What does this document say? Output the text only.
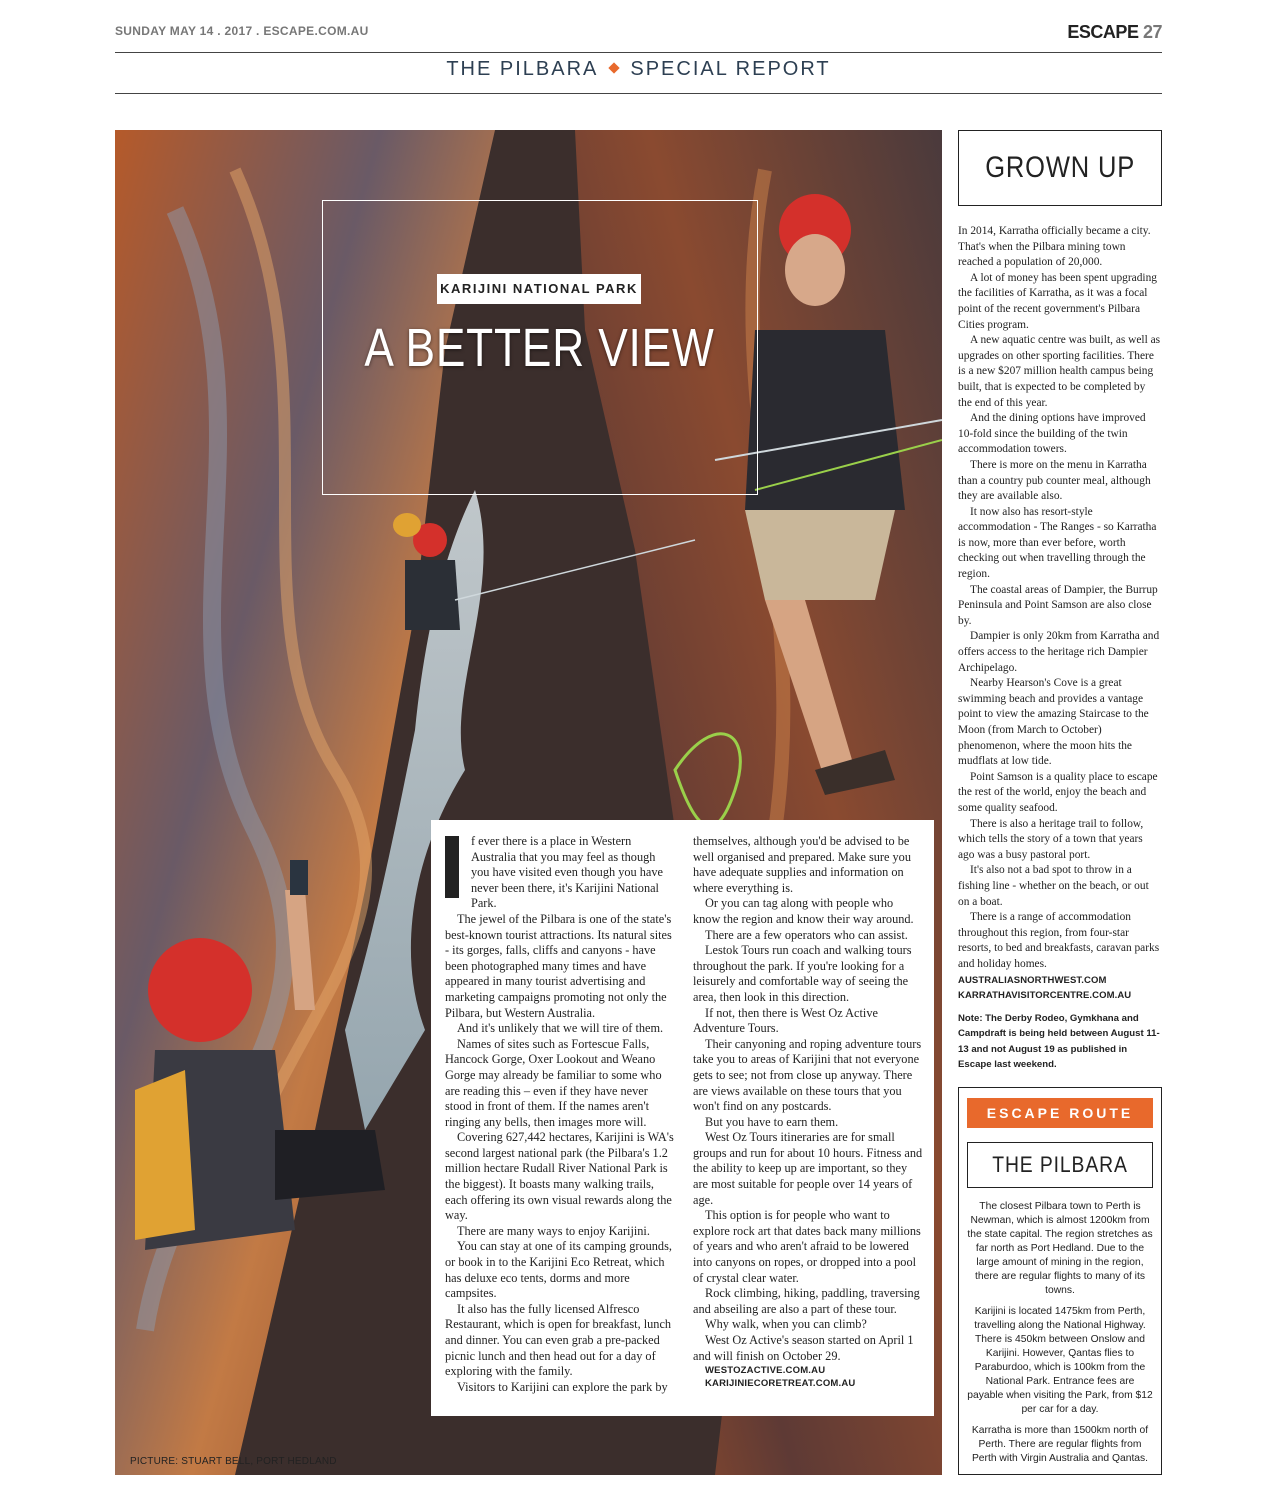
SUNDAY MAY 14 . 2017 . ESCAPE.COM.AU	ESCAPE 27
THE PILBARA SPECIAL REPORT
KARIJINI NATIONAL PARK
A BETTER VIEW
PICTURE: STUART BELL, PORT HEDLAND

f ever there is a place in Western Australia that you may feel as though you have visited even though you have never been there, it's Karijini National Park.

The jewel of the Pilbara is one of the state's best-known tourist attractions. Its natural sites - its gorges, falls, cliffs and canyons - have been photographed many times and have appeared in many tourist advertising and marketing campaigns promoting not only the Pilbara, but Western Australia.

And it's unlikely that we will tire of them.

Names of sites such as Fortescue Falls, Hancock Gorge, Oxer Lookout and Weano Gorge may already be familiar to some who are reading this – even if they have never stood in front of them. If the names aren't ringing any bells, then images more will.

Covering 627,442 hectares, Karijini is WA's second largest national park (the Pilbara's 1.2 million hectare Rudall River National Park is the biggest). It boasts many walking trails, each offering its own visual rewards along the way.

There are many ways to enjoy Karijini.

You can stay at one of its camping grounds, or book in to the Karijini Eco Retreat, which has deluxe eco tents, dorms and more campsites.

It also has the fully licensed Alfresco Restaurant, which is open for breakfast, lunch and dinner. You can even grab a pre-packed picnic lunch and then head out for a day of exploring with the family.

Visitors to Karijini can explore the park by

themselves, although you'd be advised to be well organised and prepared. Make sure you have adequate supplies and information on where everything is.

Or you can tag along with people who know the region and know their way around.

There are a few operators who can assist.

Lestok Tours run coach and walking tours throughout the park. If you're looking for a leisurely and comfortable way of seeing the area, then look in this direction.

If not, then there is West Oz Active Adventure Tours.

Their canyoning and roping adventure tours take you to areas of Karijini that not everyone gets to see; not from close up anyway. There are views available on these tours that you won't find on any postcards.

But you have to earn them.

West Oz Tours itineraries are for small groups and run for about 10 hours. Fitness and the ability to keep up are important, so they are most suitable for people over 14 years of age.

This option is for people who want to explore rock art that dates back many millions of years and who aren't afraid to be lowered into canyons on ropes, or dropped into a pool of crystal clear water.

Rock climbing, hiking, paddling, traversing and abseiling are also a part of these tour.

Why walk, when you can climb?

West Oz Active's season started on April 1 and will finish on October 29.

WESTOZACTIVE.COM.AU

KARIJINIECORETREAT.COM.AU

GROWN UP

In 2014, Karratha officially became a city. That's when the Pilbara mining town reached a population of 20,000.

A lot of money has been spent upgrading the facilities of Karratha, as it was a focal point of the recent government's Pilbara Cities program.

A new aquatic centre was built, as well as upgrades on other sporting facilities. There is a new $207 million health campus being built, that is expected to be completed by the end of this year.

And the dining options have improved 10-fold since the building of the twin accommodation towers.

There is more on the menu in Karratha than a country pub counter meal, although they are available also.

It now also has resort-style accommodation - The Ranges - so Karratha is now, more than ever before, worth checking out when travelling through the region.

The coastal areas of Dampier, the Burrup Peninsula and Point Samson are also close by.

Dampier is only 20km from Karratha and offers access to the heritage rich Dampier Archipelago.

Nearby Hearson's Cove is a great swimming beach and provides a vantage point to view the amazing Staircase to the Moon (from March to October) phenomenon, where the moon hits the mudflats at low tide.

Point Samson is a quality place to escape the rest of the world, enjoy the beach and some quality seafood.

There is also a heritage trail to follow, which tells the story of a town that years ago was a busy pastoral port.

It's also not a bad spot to throw in a fishing line - whether on the beach, or out on a boat.

There is a range of accommodation throughout this region, from four-star resorts, to bed and breakfasts, caravan parks and holiday homes.

AUSTRALIASNORTHWEST.COM
KARRATHAVISITORCENTRE.COM.AU
Note: The Derby Rodeo, Gymkhana and Campdraft is being held between August 11-13 and not August 19 as published in Escape last weekend.
ESCAPE ROUTE
THE PILBARA

The closest Pilbara town to Perth is Newman, which is almost 1200km from the state capital. The region stretches as far north as Port Hedland. Due to the large amount of mining in the region, there are regular flights to many of its towns.

Karijini is located 1475km from Perth, travelling along the National Highway. There is 450km between Onslow and Karijini. However, Qantas flies to Paraburdoo, which is 100km from the National Park. Entrance fees are payable when visiting the Park, from $12 per car for a day.

Karratha is more than 1500km north of Perth. There are regular flights from Perth with Virgin Australia and Qantas.
